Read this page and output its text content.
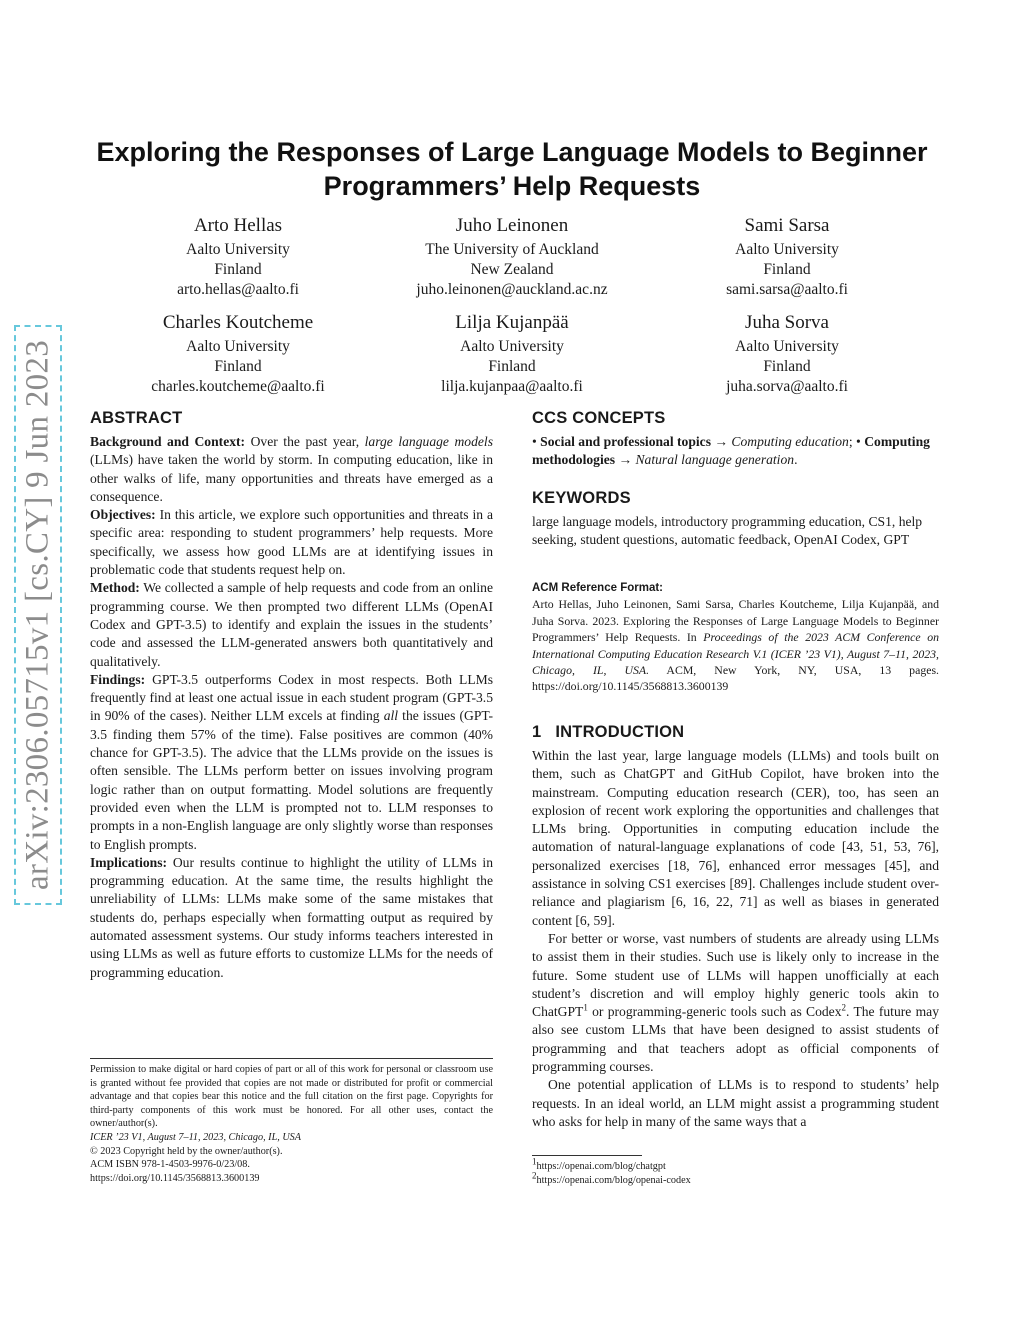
arXiv:2306.05715v1 [cs.CY] 9 Jun 2023
Exploring the Responses of Large Language Models to Beginner Programmers’ Help Requests
Arto Hellas
Aalto University
Finland
arto.hellas@aalto.fi
Juho Leinonen
The University of Auckland
New Zealand
juho.leinonen@auckland.ac.nz
Sami Sarsa
Aalto University
Finland
sami.sarsa@aalto.fi
Charles Koutcheme
Aalto University
Finland
charles.koutcheme@aalto.fi
Lilja Kujanpää
Aalto University
Finland
lilja.kujanpaa@aalto.fi
Juha Sorva
Aalto University
Finland
juha.sorva@aalto.fi
ABSTRACT

Background and Context: Over the past year, large language models (LLMs) have taken the world by storm. In computing education, like in other walks of life, many opportunities and threats have emerged as a consequence.

Objectives: In this article, we explore such opportunities and threats in a specific area: responding to student programmers’ help requests. More specifically, we assess how good LLMs are at identifying issues in problematic code that students request help on.

Method: We collected a sample of help requests and code from an online programming course. We then prompted two different LLMs (OpenAI Codex and GPT-3.5) to identify and explain the issues in the students’ code and assessed the LLM-generated answers both quantitatively and qualitatively.

Findings: GPT-3.5 outperforms Codex in most respects. Both LLMs frequently find at least one actual issue in each student program (GPT-3.5 in 90% of the cases). Neither LLM excels at finding all the issues (GPT-3.5 finding them 57% of the time). False positives are common (40% chance for GPT-3.5). The advice that the LLMs provide on the issues is often sensible. The LLMs perform better on issues involving program logic rather than on output formatting. Model solutions are frequently provided even when the LLM is prompted not to. LLM responses to prompts in a non-English language are only slightly worse than responses to English prompts.

Implications: Our results continue to highlight the utility of LLMs in programming education. At the same time, the results highlight the unreliability of LLMs: LLMs make some of the same mistakes that students do, perhaps especially when formatting output as required by automated assessment systems. Our study informs teachers interested in using LLMs as well as future efforts to customize LLMs for the needs of programming education.

Permission to make digital or hard copies of part or all of this work for personal or classroom use is granted without fee provided that copies are not made or distributed for profit or commercial advantage and that copies bear this notice and the full citation on the first page. Copyrights for third-party components of this work must be honored. For all other uses, contact the owner/author(s).

ICER ’23 V1, August 7–11, 2023, Chicago, IL, USA

© 2023 Copyright held by the owner/author(s).

ACM ISBN 978-1-4503-9976-0/23/08.

https://doi.org/10.1145/3568813.3600139

CCS CONCEPTS

• Social and professional topics → Computing education; • Computing methodologies → Natural language generation.

KEYWORDS

large language models, introductory programming education, CS1, help seeking, student questions, automatic feedback, OpenAI Codex, GPT

ACM Reference Format:

Arto Hellas, Juho Leinonen, Sami Sarsa, Charles Koutcheme, Lilja Kujanpää, and Juha Sorva. 2023. Exploring the Responses of Large Language Models to Beginner Programmers’ Help Requests. In Proceedings of the 2023 ACM Conference on International Computing Education Research V.1 (ICER ’23 V1), August 7–11, 2023, Chicago, IL, USA. ACM, New York, NY, USA, 13 pages. https://doi.org/10.1145/3568813.3600139

1 INTRODUCTION

Within the last year, large language models (LLMs) and tools built on them, such as ChatGPT and GitHub Copilot, have broken into the mainstream. Computing education research (CER), too, has seen an explosion of recent work exploring the opportunities and challenges that LLMs bring. Opportunities in computing education include the automation of natural-language explanations of code [43, 51, 53, 76], personalized exercises [18, 76], enhanced error messages [45], and assistance in solving CS1 exercises [89]. Challenges include student over-reliance and plagiarism [6, 16, 22, 71] as well as biases in generated content [6, 59].

For better or worse, vast numbers of students are already using LLMs to assist them in their studies. Such use is likely only to increase in the future. Some student use of LLMs will happen unofficially at each student’s discretion and will employ highly generic tools akin to ChatGPT$^1$ or programming-generic tools such as Codex$^2$. The future may also see custom LLMs that have been designed to assist students of programming and that teachers adopt as official components of programming courses.

One potential application of LLMs is to respond to students’ help requests. In an ideal world, an LLM might assist a programming student who asks for help in many of the same ways that a

$^1$https://openai.com/blog/chatgpt

$^2$https://openai.com/blog/openai-codex
